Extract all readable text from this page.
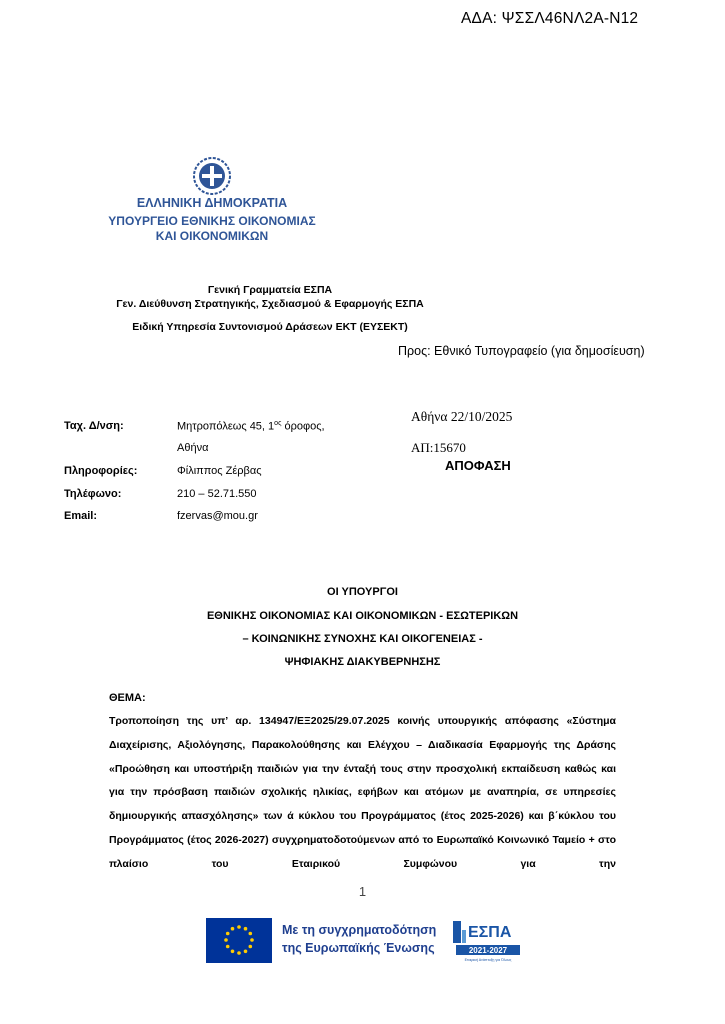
ΑΔΑ: ΨΣΣΛ46ΝΛ2Α-Ν12
ΕΛΛΗΝΙΚΗ ΔΗΜΟΚΡΑΤΙΑ
ΥΠΟΥΡΓΕΙΟ ΕΘΝΙΚΗΣ ΟΙΚΟΝΟΜΙΑΣ
ΚΑΙ ΟΙΚΟΝΟΜΙΚΩΝ
Γενική Γραμματεία ΕΣΠΑ
Γεν. Διεύθυνση Στρατηγικής, Σχεδιασμού & Εφαρμογής ΕΣΠΑ
Ειδική Υπηρεσία Συντονισμού Δράσεων ΕΚΤ (ΕΥΣΕΚΤ)
Προς: Εθνικό Τυπογραφείο (για δημοσίευση)
Ταχ. Δ/νση:	Μητροπόλεως 45, $1^{o\varsigma}$ όροφος,
Αθήνα
Πληροφορίες:	Φίλιππος Ζέρβας
Τηλέφωνο:	210 – 52.71.550
Email:	fzervas@mou.gr
Αθήνα 22/10/2025
ΑΠ:15670
ΑΠΟΦΑΣΗ
ΟΙ ΥΠΟΥΡΓΟΙ
ΕΘΝΙΚΗΣ ΟΙΚΟΝΟΜΙΑΣ ΚΑΙ ΟΙΚΟΝΟΜΙΚΩΝ - ΕΣΩΤΕΡΙΚΩΝ
– ΚΟΙΝΩΝΙΚΗΣ ΣΥΝΟΧΗΣ ΚΑΙ ΟΙΚΟΓΕΝΕΙΑΣ -
ΨΗΦΙΑΚΗΣ ΔΙΑΚΥΒΕΡΝΗΣΗΣ
ΘΕΜΑ:
Τροποποίηση της υπ’ αρ. 134947/ΕΞ2025/29.07.2025 κοινής υπουργικής απόφασης «Σύστημα Διαχείρισης, Αξιολόγησης, Παρακολούθησης και Ελέγχου – Διαδικασία Εφαρμογής της Δράσης «Προώθηση και υποστήριξη παιδιών για την ένταξή τους στην προσχολική εκπαίδευση καθώς και για την πρόσβαση παιδιών σχολικής ηλικίας, εφήβων και ατόμων με αναπηρία, σε υπηρεσίες δημιουργικής απασχόλησης» των ά κύκλου του Προγράμματος (έτος 2025-2026) και β΄κύκλου του Προγράμματος (έτος 2026-2027) συγχρηματοδοτούμενων από το Ευρωπαϊκό Κοινωνικό Ταμείο + στο πλαίσιο του Εταιρικού Συμφώνου για την
1
Με τη συγχρηματοδότηση
της Ευρωπαϊκής Ένωσης
ΕΣΠΑ
2021-2027
Εταιρική Ανάπτυξη για Όλους
